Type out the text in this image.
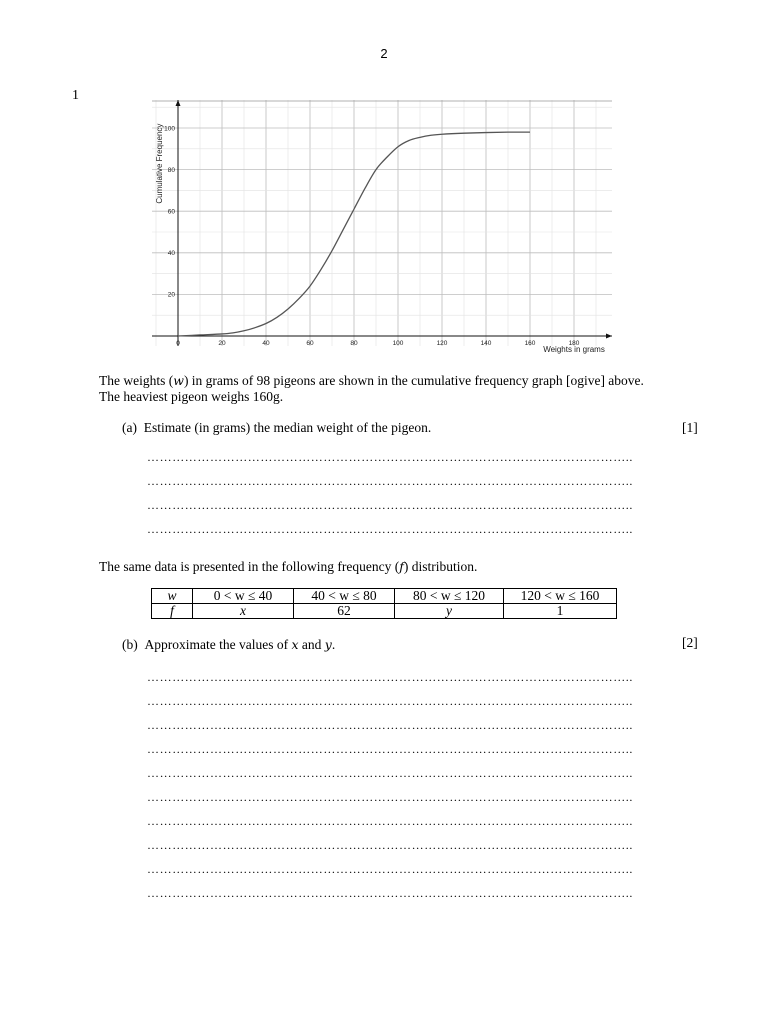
2
1
0	20	40	60	80	100	120	140	160	180
20
40
60
80
100
Cumulative Frequency
Weights in grams
The weights (w) in grams of 98 pigeons are shown in the cumulative frequency graph [ogive] above.
The heaviest pigeon weighs 160g.
(a) Estimate (in grams) the median weight of the pigeon.	[1]
……………………………………………………………………………………………………..
……………………………………………………………………………………………………..
……………………………………………………………………………………………………..
……………………………………………………………………………………………………..
The same data is presented in the following frequency (f) distribution.
w	0 < w ≤ 40	40 < w ≤ 80	80 < w ≤ 120	120 < w ≤ 160
f	x	62	y	1
(b) Approximate the values of x and y.	[2]
……………………………………………………………………………………………………..
……………………………………………………………………………………………………..
……………………………………………………………………………………………………..
……………………………………………………………………………………………………..
……………………………………………………………………………………………………..
……………………………………………………………………………………………………..
……………………………………………………………………………………………………..
……………………………………………………………………………………………………..
……………………………………………………………………………………………………..
……………………………………………………………………………………………………..
